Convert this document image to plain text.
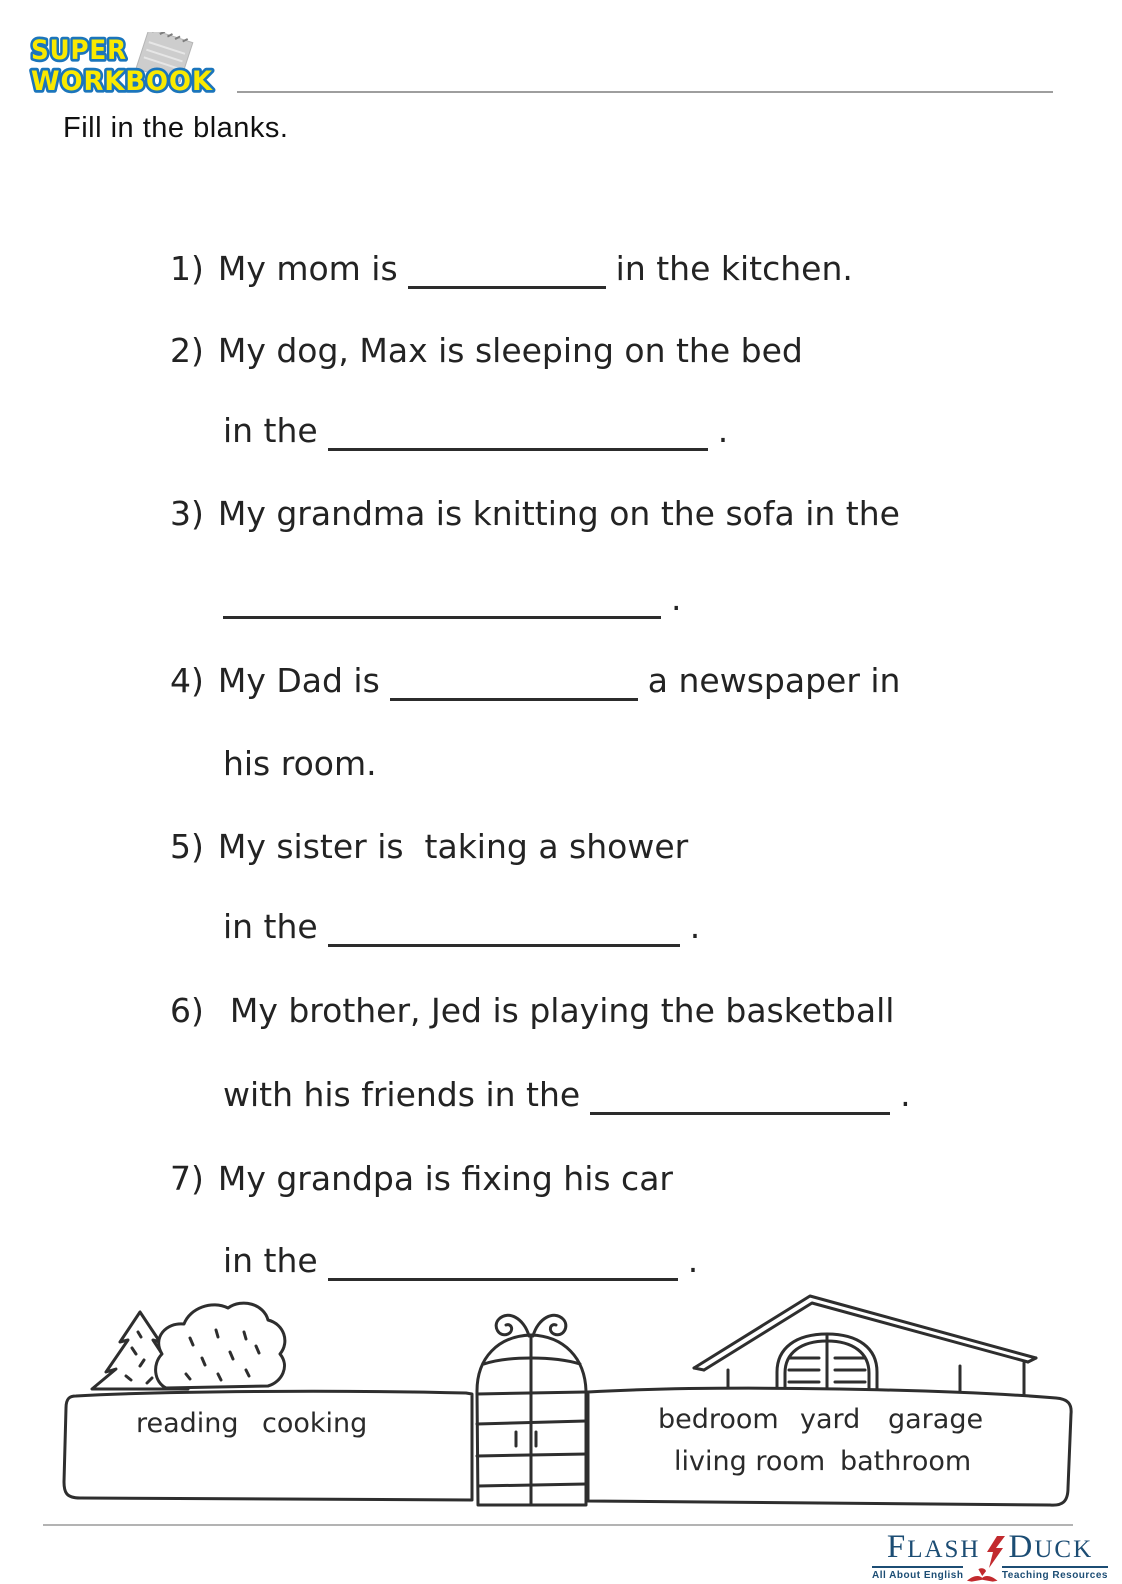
SUPER
WORKBOOK
Fill in the blanks.

1) My mom is	in the kitchen.

2) My dog, Max is sleeping on the bed

in the	.

3) My grandma is knitting on the sofa in the

.

4) My Dad is	a newspaper in

his room.

5) My sister is  taking a shower

in the	.

6) My brother, Jed is playing the basketball

with his friends in the	.

7) My grandpa is fixing his car

in the	.

reading cooking	bedroom yard garage
living room bathroom
FLASH DUCK
All About English	Teaching Resources
